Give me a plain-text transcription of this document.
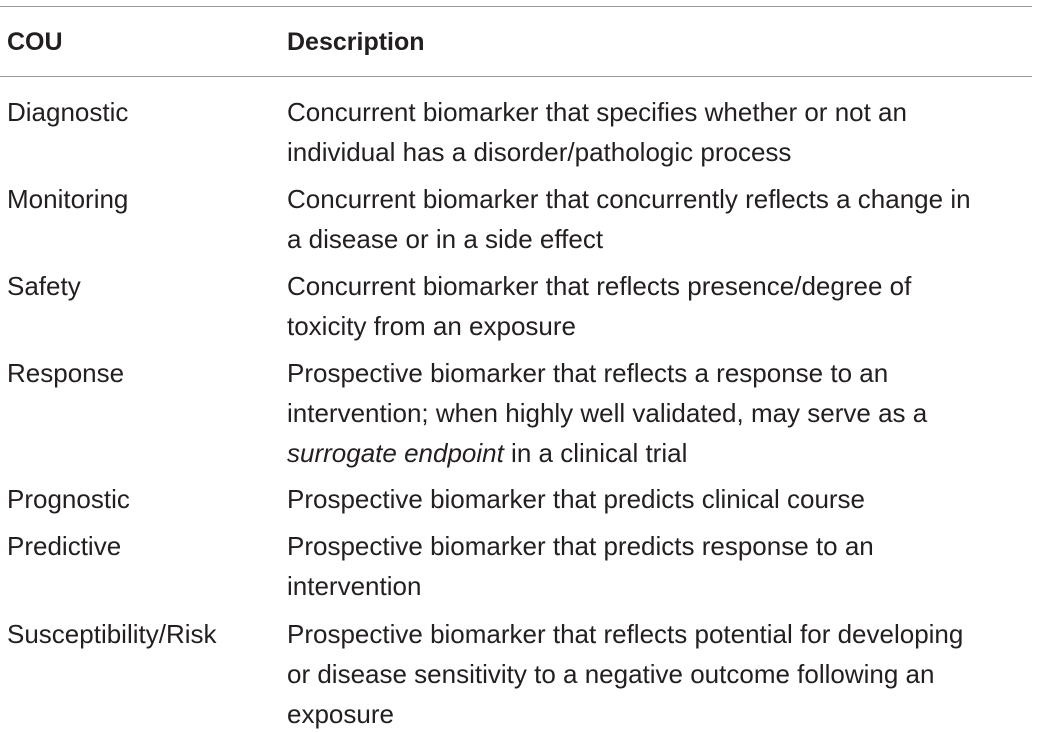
COU	Description
Diagnostic	Concurrent biomarker that specifies whether or not an
individual has a disorder/pathologic process
Monitoring	Concurrent biomarker that concurrently reflects a change in
a disease or in a side effect
Safety	Concurrent biomarker that reflects presence/degree of
toxicity from an exposure
Response	Prospective biomarker that reflects a response to an
intervention; when highly well validated, may serve as a
surrogate endpoint in a clinical trial
Prognostic	Prospective biomarker that predicts clinical course
Predictive	Prospective biomarker that predicts response to an
intervention
Susceptibility/Risk	Prospective biomarker that reflects potential for developing
or disease sensitivity to a negative outcome following an
exposure
